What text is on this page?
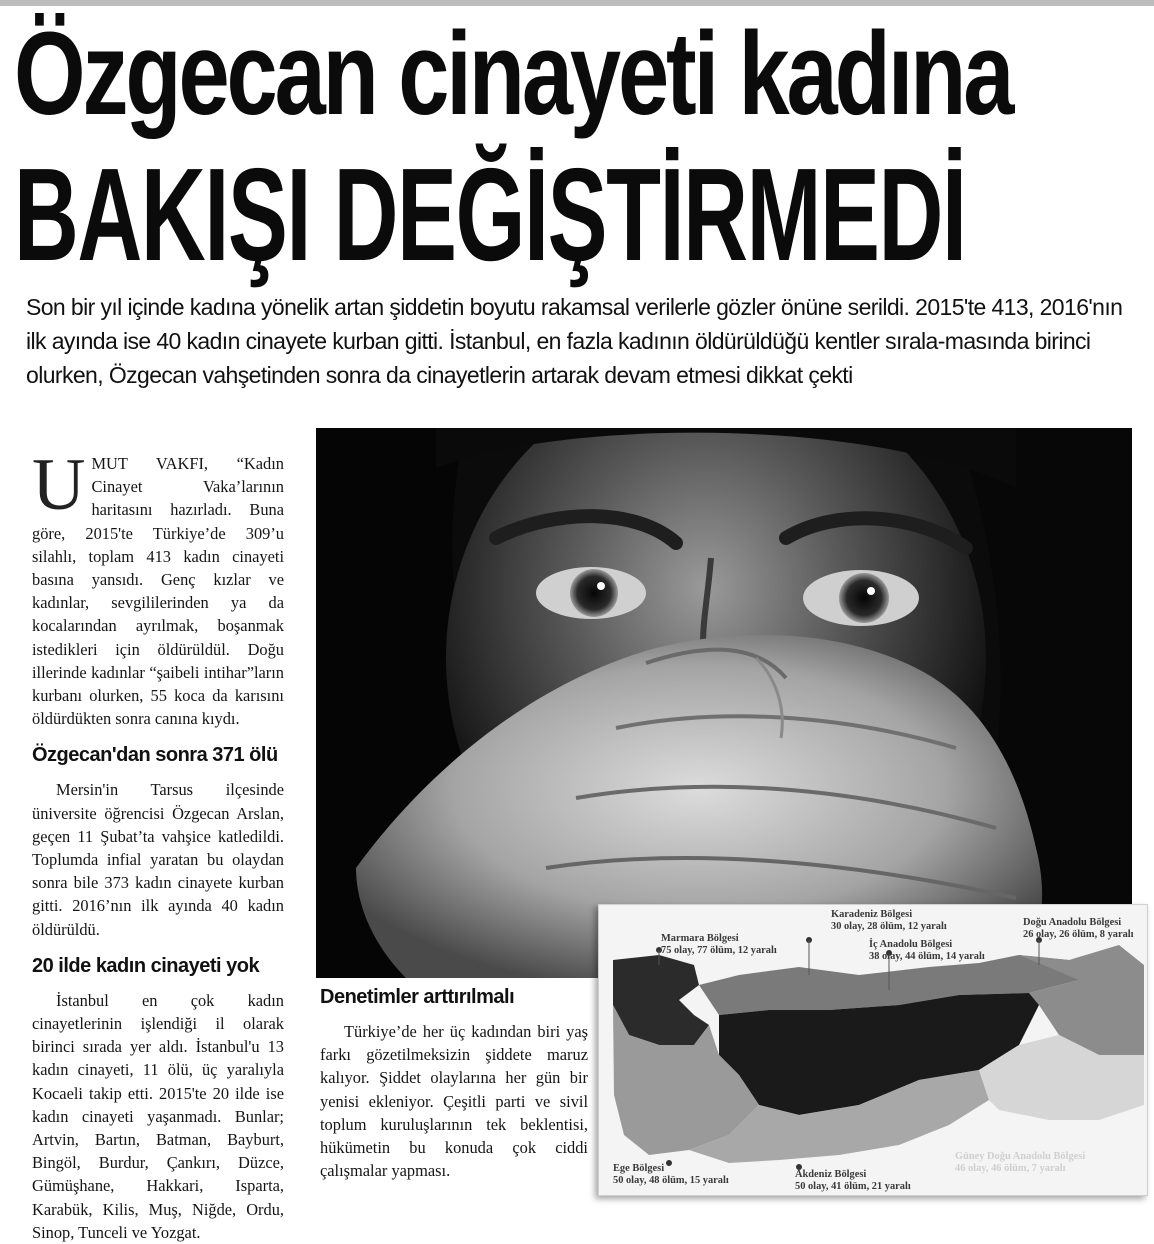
Özgecan cinayeti kadına
BAKIŞI DEĞİŞTİRMEDİ
Son bir yıl içinde kadına yönelik artan şiddetin boyutu rakamsal verilerle gözler önüne serildi. 2015'te 413, 2016'nın ilk ayında ise 40 kadın cinayete kurban gitti. İstanbul, en fazla kadının öldürüldüğü kentler sırala-masında birinci olurken, Özgecan vahşetinden sonra da cinayetlerin artarak devam etmesi dikkat çekti

UMUT VAKFI, “Kadın Cinayet Vaka’larının haritasını hazırladı. Buna göre, 2015'te Türkiye’de 309’u silahlı, toplam 413 kadın cinayeti basına yansıdı. Genç kızlar ve kadınlar, sevgililerinden ya da kocalarından ayrılmak, boşanmak istedikleri için öldürüldül. Doğu illerinde kadınlar “şaibeli intihar”ların kurbanı olurken, 55 koca da karısını öldürdükten sonra canına kıydı.

Özgecan'dan sonra 371 ölü

Mersin'in Tarsus ilçesinde üniversite öğrencisi Özgecan Arslan, geçen 11 Şubat’ta vahşice katledildi. Toplumda infial yaratan bu olaydan sonra bile 373 kadın cinayete kurban gitti. 2016’nın ilk ayında 40 kadın öldürüldü.

20 ilde kadın cinayeti yok

İstanbul en çok kadın cinayetlerinin işlendiği il olarak birinci sırada yer aldı. İstanbul'u 13 kadın cinayeti, 11 ölü, üç yaralıyla Kocaeli takip etti. 2015'te 20 ilde ise kadın cinayeti yaşanmadı. Bunlar; Artvin, Bartın, Batman, Bayburt, Bingöl, Burdur, Çankırı, Düzce, Gümüşhane, Hakkari, Isparta, Karabük, Kilis, Muş, Niğde, Ordu, Sinop, Tunceli ve Yozgat.

Denetimler arttırılmalı

Türkiye’de her üç kadından biri yaş farkı gözetilmeksizin şiddete maruz kalıyor. Şiddet olaylarına her gün bir yenisi ekleniyor. Çeşitli parti ve sivil toplum kuruluşlarının tek beklentisi, hükümetin bu konuda çok ciddi çalışmalar yapması.

Marmara Bölgesi
75 olay, 77 ölüm, 12 yaralı
Karadeniz Bölgesi
30 olay, 28 ölüm, 12 yaralı	Doğu Anadolu Bölgesi
26 olay, 26 ölüm, 8 yaralı
İç Anadolu Bölgesi
38 olay, 44 ölüm, 14 yaralı
Ege Bölgesi
50 olay, 48 ölüm, 15 yaralı
Akdeniz Bölgesi
50 olay, 41 ölüm, 21 yaralı
Güney Doğu Anadolu Bölgesi
46 olay, 46 ölüm, 7 yaralı
